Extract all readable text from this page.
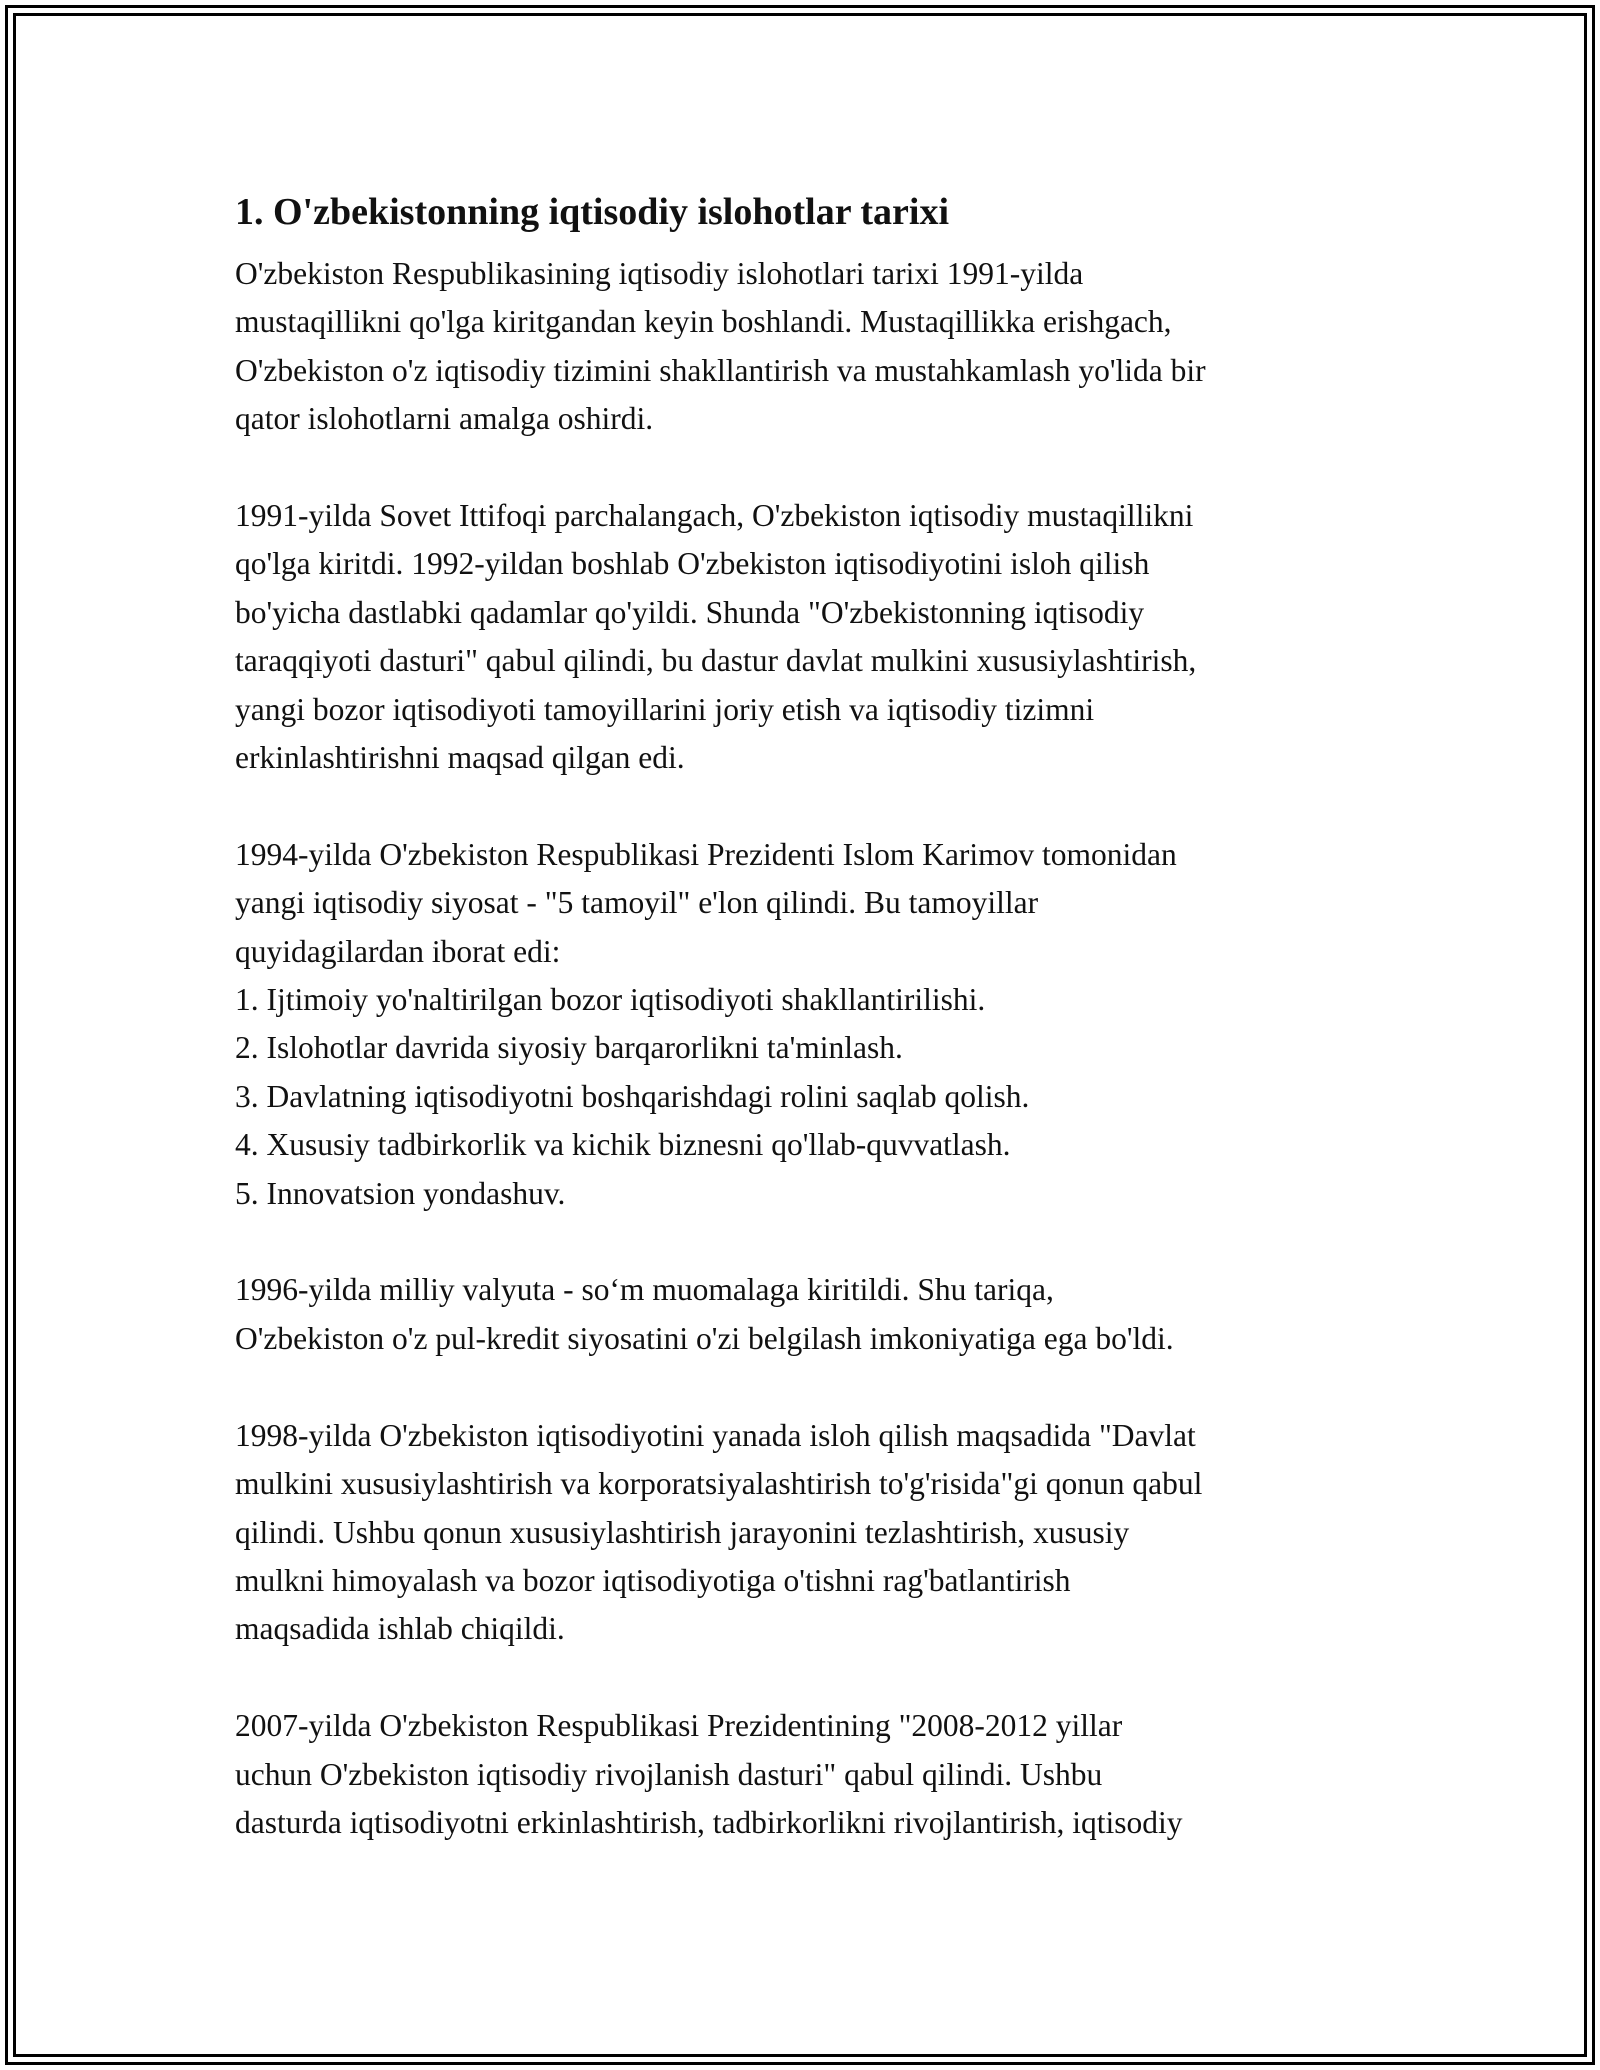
1. O'zbekistonning iqtisodiy islohotlar tarixi
O'zbekiston Respublikasining iqtisodiy islohotlari tarixi 1991-yilda
mustaqillikni qo'lga kiritgandan keyin boshlandi. Mustaqillikka erishgach,
O'zbekiston o'z iqtisodiy tizimini shakllantirish va mustahkamlash yo'lida bir
qator islohotlarni amalga oshirdi.
1991-yilda Sovet Ittifoqi parchalangach, O'zbekiston iqtisodiy mustaqillikni
qo'lga kiritdi. 1992-yildan boshlab O'zbekiston iqtisodiyotini isloh qilish
bo'yicha dastlabki qadamlar qo'yildi. Shunda "O'zbekistonning iqtisodiy
taraqqiyoti dasturi" qabul qilindi, bu dastur davlat mulkini xususiylashtirish,
yangi bozor iqtisodiyoti tamoyillarini joriy etish va iqtisodiy tizimni
erkinlashtirishni maqsad qilgan edi.
1994-yilda O'zbekiston Respublikasi Prezidenti Islom Karimov tomonidan
yangi iqtisodiy siyosat - "5 tamoyil" e'lon qilindi. Bu tamoyillar
quyidagilardan iborat edi:
1. Ijtimoiy yo'naltirilgan bozor iqtisodiyoti shakllantirilishi.
2. Islohotlar davrida siyosiy barqarorlikni ta'minlash.
3. Davlatning iqtisodiyotni boshqarishdagi rolini saqlab qolish.
4. Xususiy tadbirkorlik va kichik biznesni qo'llab-quvvatlash.
5. Innovatsion yondashuv.
1996-yilda milliy valyuta - so‘m muomalaga kiritildi. Shu tariqa,
O'zbekiston o'z pul-kredit siyosatini o'zi belgilash imkoniyatiga ega bo'ldi.
1998-yilda O'zbekiston iqtisodiyotini yanada isloh qilish maqsadida "Davlat
mulkini xususiylashtirish va korporatsiyalashtirish to'g'risida"gi qonun qabul
qilindi. Ushbu qonun xususiylashtirish jarayonini tezlashtirish, xususiy
mulkni himoyalash va bozor iqtisodiyotiga o'tishni rag'batlantirish
maqsadida ishlab chiqildi.
2007-yilda O'zbekiston Respublikasi Prezidentining "2008-2012 yillar
uchun O'zbekiston iqtisodiy rivojlanish dasturi" qabul qilindi. Ushbu
dasturda iqtisodiyotni erkinlashtirish, tadbirkorlikni rivojlantirish, iqtisodiy
